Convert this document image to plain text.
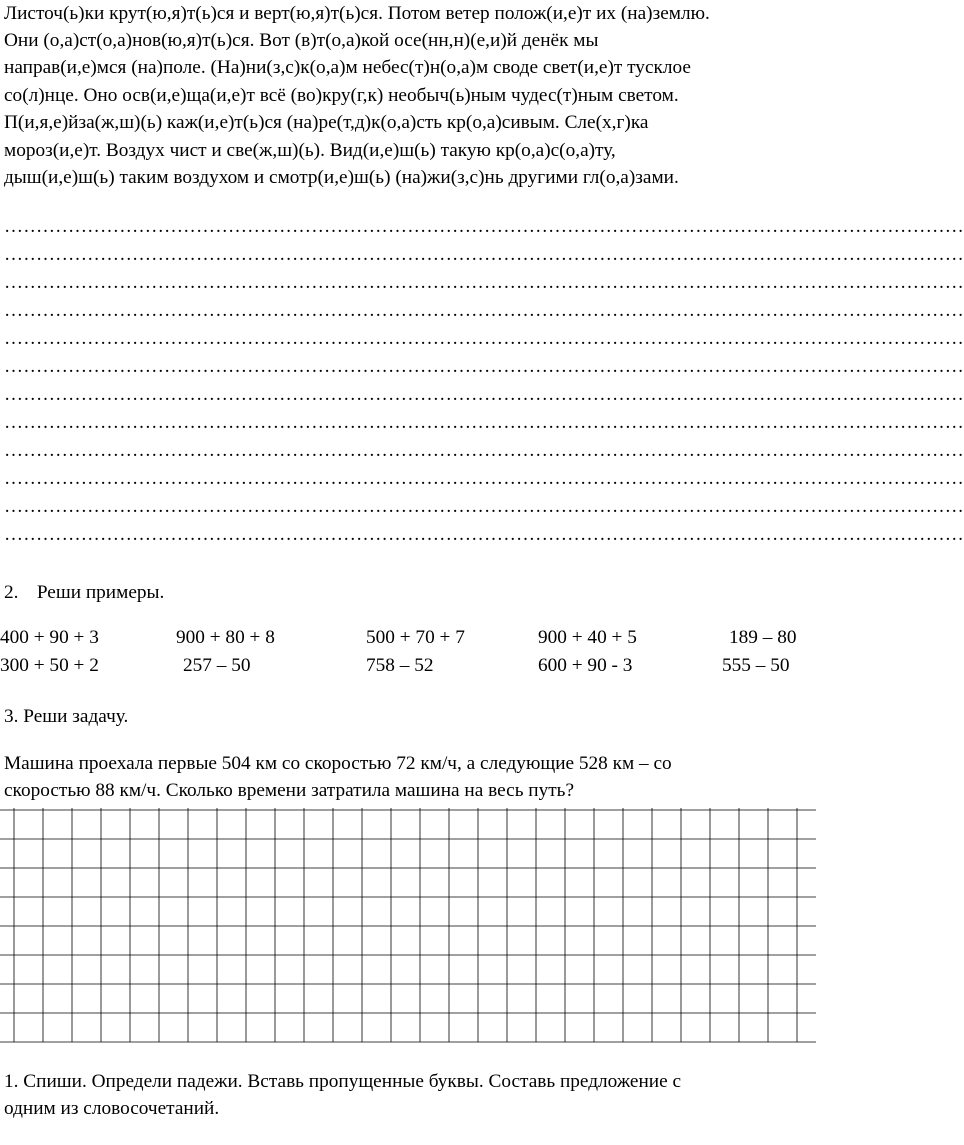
Листоч(ь)ки крут(ю,я)т(ь)ся и верт(ю,я)т(ь)ся. Потом ветер полож(и,е)т их (на)землю.
Они (о,а)ст(о,а)нов(ю,я)т(ь)ся. Вот (в)т(о,а)кой осе(нн,н)(е,и)й денёк мы
направ(и,е)мся (на)поле. (На)ни(з,с)к(о,а)м небес(т)н(о,а)м своде свет(и,е)т тусклое
со(л)нце. Оно осв(и,е)ща(и,е)т всё (во)кру(г,к) необыч(ь)ным чудес(т)ным светом.
П(и,я,е)йза(ж,ш)(ь) каж(и,е)т(ь)ся (на)ре(т,д)к(о,а)сть кр(о,а)сивым. Сле(х,г)ка
мороз(и,е)т. Воздух чист и све(ж,ш)(ь). Вид(и,е)ш(ь) такую кр(о,а)с(о,а)ту,
дыш(и,е)ш(ь) таким воздухом и смотр(и,е)ш(ь) (на)жи(з,с)нь другими гл(о,а)зами.
……………………………………………………………………………………………………………………………………
……………………………………………………………………………………………………………………………………
……………………………………………………………………………………………………………………………………
……………………………………………………………………………………………………………………………………
……………………………………………………………………………………………………………………………………
……………………………………………………………………………………………………………………………………
……………………………………………………………………………………………………………………………………
……………………………………………………………………………………………………………………………………
……………………………………………………………………………………………………………………………………
……………………………………………………………………………………………………………………………………
……………………………………………………………………………………………………………………………………
……………………………………………………………………………………………………………………………………
2. Реши примеры.
400 + 90 + 3	900 + 80 + 8	500 + 70 + 7	900 + 40 + 5	189 – 80
300 + 50 + 2	257 – 50	758 – 52	600 + 90 - 3	555 – 50
3. Реши задачу.
Машина проехала первые 504 км со скоростью 72 км/ч, а следующие 528 км – со
скоростью 88 км/ч. Сколько времени затратила машина на весь путь?
1. Спиши. Определи падежи. Вставь пропущенные буквы. Составь предложение с
одним из словосочетаний.
